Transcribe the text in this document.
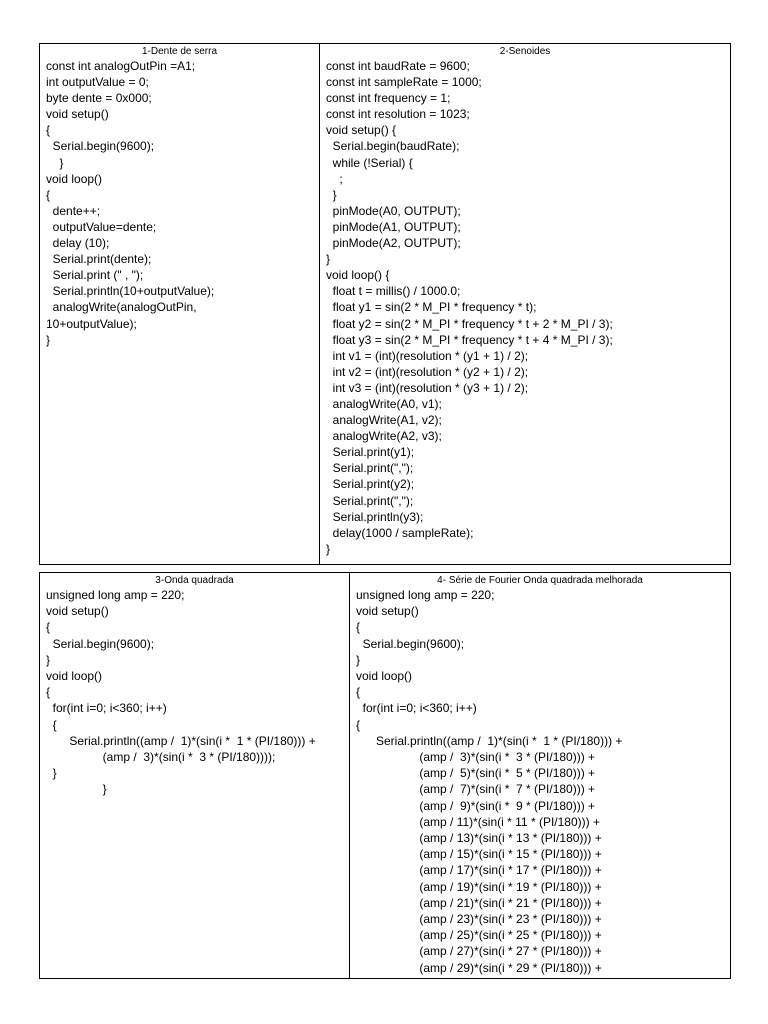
1-Dente de serra
const int analogOutPin =A1;
int outputValue = 0;
byte dente = 0x000;
void setup()
{
Serial.begin(9600);
}
void loop()
{
dente++;
outputValue=dente;
delay (10);
Serial.print(dente);
Serial.print (" , ");
Serial.println(10+outputValue);
analogWrite(analogOutPin,
10+outputValue);
}
2-Senoides
const int baudRate = 9600;
const int sampleRate = 1000;
const int frequency = 1;
const int resolution = 1023;
void setup() {
Serial.begin(baudRate);
while (!Serial) {
;
}
pinMode(A0, OUTPUT);
pinMode(A1, OUTPUT);
pinMode(A2, OUTPUT);
}
void loop() {
float t = millis() / 1000.0;
float y1 = sin(2 * M_PI * frequency * t);
float y2 = sin(2 * M_PI * frequency * t + 2 * M_PI / 3);
float y3 = sin(2 * M_PI * frequency * t + 4 * M_PI / 3);
int v1 = (int)(resolution * (y1 + 1) / 2);
int v2 = (int)(resolution * (y2 + 1) / 2);
int v3 = (int)(resolution * (y3 + 1) / 2);
analogWrite(A0, v1);
analogWrite(A1, v2);
analogWrite(A2, v3);
Serial.print(y1);
Serial.print(",");
Serial.print(y2);
Serial.print(",");
Serial.println(y3);
delay(1000 / sampleRate);
}
3-Onda quadrada
unsigned long amp = 220;
void setup()
{
Serial.begin(9600);
}
void loop()
{
for(int i=0; i<360; i++)
{
Serial.println((amp /  1)*(sin(i *  1 * (PI/180))) +
(amp /  3)*(sin(i *  3 * (PI/180))));
}
}
4- Série de Fourier Onda quadrada melhorada
unsigned long amp = 220;
void setup()
{
Serial.begin(9600);
}
void loop()
{
for(int i=0; i<360; i++)
{
Serial.println((amp /  1)*(sin(i *  1 * (PI/180))) +
(amp /  3)*(sin(i *  3 * (PI/180))) +
(amp /  5)*(sin(i *  5 * (PI/180))) +
(amp /  7)*(sin(i *  7 * (PI/180))) +
(amp /  9)*(sin(i *  9 * (PI/180))) +
(amp / 11)*(sin(i * 11 * (PI/180))) +
(amp / 13)*(sin(i * 13 * (PI/180))) +
(amp / 15)*(sin(i * 15 * (PI/180))) +
(amp / 17)*(sin(i * 17 * (PI/180))) +
(amp / 19)*(sin(i * 19 * (PI/180))) +
(amp / 21)*(sin(i * 21 * (PI/180))) +
(amp / 23)*(sin(i * 23 * (PI/180))) +
(amp / 25)*(sin(i * 25 * (PI/180))) +
(amp / 27)*(sin(i * 27 * (PI/180))) +
(amp / 29)*(sin(i * 29 * (PI/180))) +
